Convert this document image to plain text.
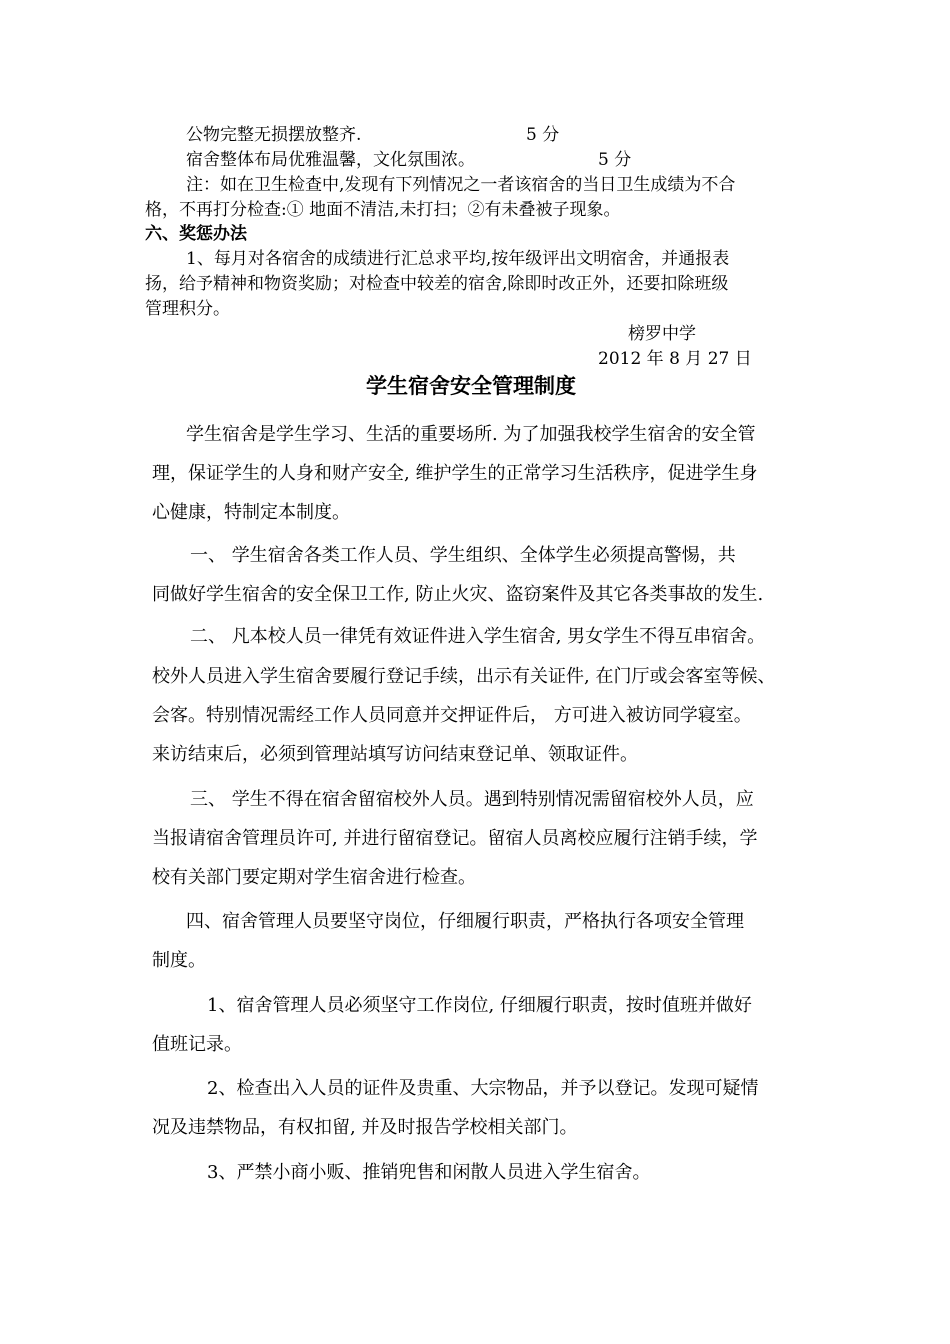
公物完整无损摆放整齐.	5 分
宿舍整体布局优雅温馨，文化氛围浓。	5 分
注：如在卫生检查中,发现有下列情况之一者该宿舍的当日卫生成绩为不合
格，不再打分检查:① 地面不清洁,未打扫；②有未叠被子现象。
六、奖惩办法
1、每月对各宿舍的成绩进行汇总求平均,按年级评出文明宿舍，并通报表
扬，给予精神和物资奖励；对检查中较差的宿舍,除即时改正外，还要扣除班级
管理积分。
榜罗中学
2012 年 8 月 27 日
学生宿舍安全管理制度
学生宿舍是学生学习、生活的重要场所. 为了加强我校学生宿舍的安全管
理，保证学生的人身和财产安全, 维护学生的正常学习生活秩序，促进学生身
心健康，特制定本制度。
一、 学生宿舍各类工作人员、学生组织、全体学生必须提高警惕，共
同做好学生宿舍的安全保卫工作, 防止火灾、盗窃案件及其它各类事故的发生.
二、 凡本校人员一律凭有效证件进入学生宿舍, 男女学生不得互串宿舍。
校外人员进入学生宿舍要履行登记手续，出示有关证件, 在门厅或会客室等候、
会客。特别情况需经工作人员同意并交押证件后， 方可进入被访同学寝室。
来访结束后，必须到管理站填写访问结束登记单、领取证件。
三、 学生不得在宿舍留宿校外人员。遇到特别情况需留宿校外人员，应
当报请宿舍管理员许可, 并进行留宿登记。留宿人员离校应履行注销手续，学
校有关部门要定期对学生宿舍进行检查。
四、宿舍管理人员要坚守岗位，仔细履行职责，严格执行各项安全管理
制度。
1、宿舍管理人员必须坚守工作岗位, 仔细履行职责，按时值班并做好
值班记录。
2、检查出入人员的证件及贵重、大宗物品，并予以登记。发现可疑情
况及违禁物品，有权扣留, 并及时报告学校相关部门。
3、严禁小商小贩、推销兜售和闲散人员进入学生宿舍。
